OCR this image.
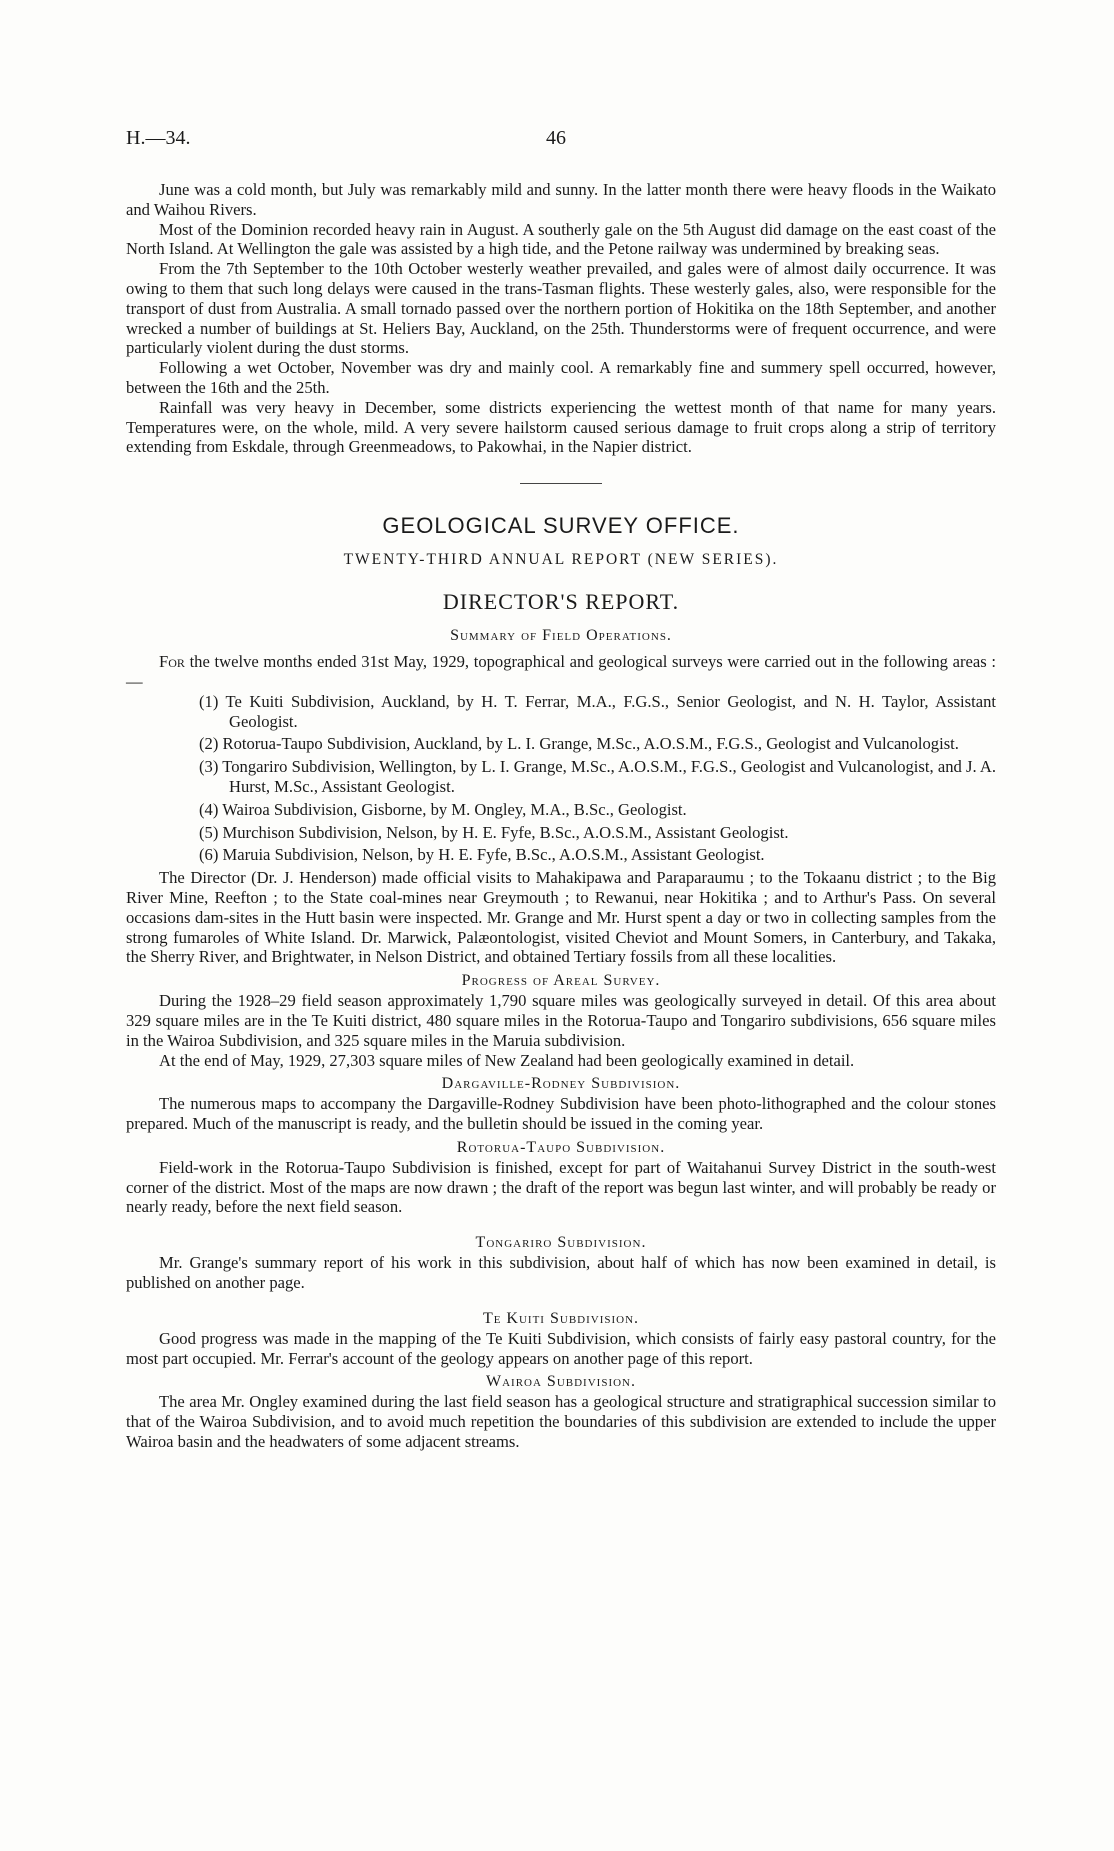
H.—34.	46

June was a cold month, but July was remarkably mild and sunny. In the latter month there were heavy floods in the Waikato and Waihou Rivers.

Most of the Dominion recorded heavy rain in August. A southerly gale on the 5th August did damage on the east coast of the North Island. At Wellington the gale was assisted by a high tide, and the Petone railway was undermined by breaking seas.

From the 7th September to the 10th October westerly weather prevailed, and gales were of almost daily occurrence. It was owing to them that such long delays were caused in the trans-Tasman flights. These westerly gales, also, were responsible for the transport of dust from Australia. A small tornado passed over the northern portion of Hokitika on the 18th September, and another wrecked a number of buildings at St. Heliers Bay, Auckland, on the 25th. Thunderstorms were of frequent occurrence, and were particularly violent during the dust storms.

Following a wet October, November was dry and mainly cool. A remarkably fine and summery spell occurred, however, between the 16th and the 25th.

Rainfall was very heavy in December, some districts experiencing the wettest month of that name for many years. Temperatures were, on the whole, mild. A very severe hailstorm caused serious damage to fruit crops along a strip of territory extending from Eskdale, through Greenmeadows, to Pakowhai, in the Napier district.

GEOLOGICAL SURVEY OFFICE.
TWENTY-THIRD ANNUAL REPORT (NEW SERIES).
DIRECTOR'S REPORT.
Summary of Field Operations.

For the twelve months ended 31st May, 1929, topographical and geological surveys were carried out in the following areas :—

(1) Te Kuiti Subdivision, Auckland, by H. T. Ferrar, M.A., F.G.S., Senior Geologist, and N. H. Taylor, Assistant Geologist.
(2) Rotorua-Taupo Subdivision, Auckland, by L. I. Grange, M.Sc., A.O.S.M., F.G.S., Geologist and Vulcanologist.
(3) Tongariro Subdivision, Wellington, by L. I. Grange, M.Sc., A.O.S.M., F.G.S., Geologist and Vulcanologist, and J. A. Hurst, M.Sc., Assistant Geologist.
(4) Wairoa Subdivision, Gisborne, by M. Ongley, M.A., B.Sc., Geologist.
(5) Murchison Subdivision, Nelson, by H. E. Fyfe, B.Sc., A.O.S.M., Assistant Geologist.
(6) Maruia Subdivision, Nelson, by H. E. Fyfe, B.Sc., A.O.S.M., Assistant Geologist.

The Director (Dr. J. Henderson) made official visits to Mahakipawa and Paraparaumu ; to the Tokaanu district ; to the Big River Mine, Reefton ; to the State coal-mines near Greymouth ; to Rewanui, near Hokitika ; and to Arthur's Pass. On several occasions dam-sites in the Hutt basin were inspected. Mr. Grange and Mr. Hurst spent a day or two in collecting samples from the strong fumaroles of White Island. Dr. Marwick, Palæontologist, visited Cheviot and Mount Somers, in Canterbury, and Takaka, the Sherry River, and Brightwater, in Nelson District, and obtained Tertiary fossils from all these localities.

Progress of Areal Survey.

During the 1928–29 field season approximately 1,790 square miles was geologically surveyed in detail. Of this area about 329 square miles are in the Te Kuiti district, 480 square miles in the Rotorua-Taupo and Tongariro subdivisions, 656 square miles in the Wairoa Subdivision, and 325 square miles in the Maruia subdivision.

At the end of May, 1929, 27,303 square miles of New Zealand had been geologically examined in detail.

Dargaville-Rodney Subdivision.

The numerous maps to accompany the Dargaville-Rodney Subdivision have been photo-lithographed and the colour stones prepared. Much of the manuscript is ready, and the bulletin should be issued in the coming year.

Rotorua-Taupo Subdivision.

Field-work in the Rotorua-Taupo Subdivision is finished, except for part of Waitahanui Survey District in the south-west corner of the district. Most of the maps are now drawn ; the draft of the report was begun last winter, and will probably be ready or nearly ready, before the next field season.

Tongariro Subdivision.

Mr. Grange's summary report of his work in this subdivision, about half of which has now been examined in detail, is published on another page.

Te Kuiti Subdivision.

Good progress was made in the mapping of the Te Kuiti Subdivision, which consists of fairly easy pastoral country, for the most part occupied. Mr. Ferrar's account of the geology appears on another page of this report.

Wairoa Subdivision.

The area Mr. Ongley examined during the last field season has a geological structure and stratigraphical succession similar to that of the Wairoa Subdivision, and to avoid much repetition the boundaries of this subdivision are extended to include the upper Wairoa basin and the headwaters of some adjacent streams.
